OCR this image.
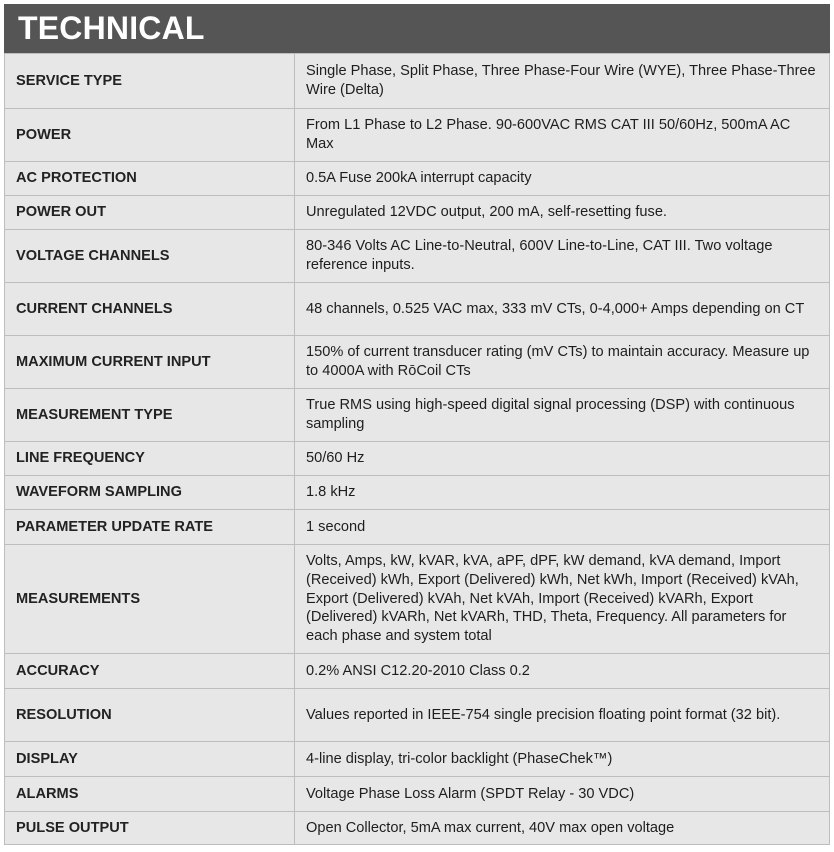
TECHNICAL
SERVICE TYPE	Single Phase, Split Phase, Three Phase-Four Wire (WYE), Three Phase-Three Wire (Delta)
POWER	From L1 Phase to L2 Phase. 90-600VAC RMS CAT III 50/60Hz, 500mA AC Max
AC PROTECTION	0.5A Fuse 200kA interrupt capacity
POWER OUT	Unregulated 12VDC output, 200 mA, self-resetting fuse.
VOLTAGE CHANNELS	80-346 Volts AC Line-to-Neutral, 600V Line-to-Line, CAT III. Two voltage reference inputs.
CURRENT CHANNELS	48 channels, 0.525 VAC max, 333 mV CTs, 0-4,000+ Amps depending on CT
MAXIMUM CURRENT INPUT	150% of current transducer rating (mV CTs) to maintain accuracy. Measure up to 4000A with RōCoil CTs
MEASUREMENT TYPE	True RMS using high-speed digital signal processing (DSP) with continuous sampling
LINE FREQUENCY	50/60 Hz
WAVEFORM SAMPLING	1.8 kHz
PARAMETER UPDATE RATE	1 second
MEASUREMENTS	Volts, Amps, kW, kVAR, kVA, aPF, dPF, kW demand, kVA demand, Import (Received) kWh, Export (Delivered) kWh, Net kWh, Import (Received) kVAh, Export (Delivered) kVAh, Net kVAh, Import (Received) kVARh, Export (Delivered) kVARh, Net kVARh, THD, Theta, Frequency. All parameters for each phase and system total
ACCURACY	0.2% ANSI C12.20-2010 Class 0.2
RESOLUTION	Values reported in IEEE-754 single precision floating point format (32 bit).
DISPLAY	4-line display, tri-color backlight (PhaseChek™)
ALARMS	Voltage Phase Loss Alarm (SPDT Relay - 30 VDC)
PULSE OUTPUT	Open Collector, 5mA max current, 40V max open voltage
